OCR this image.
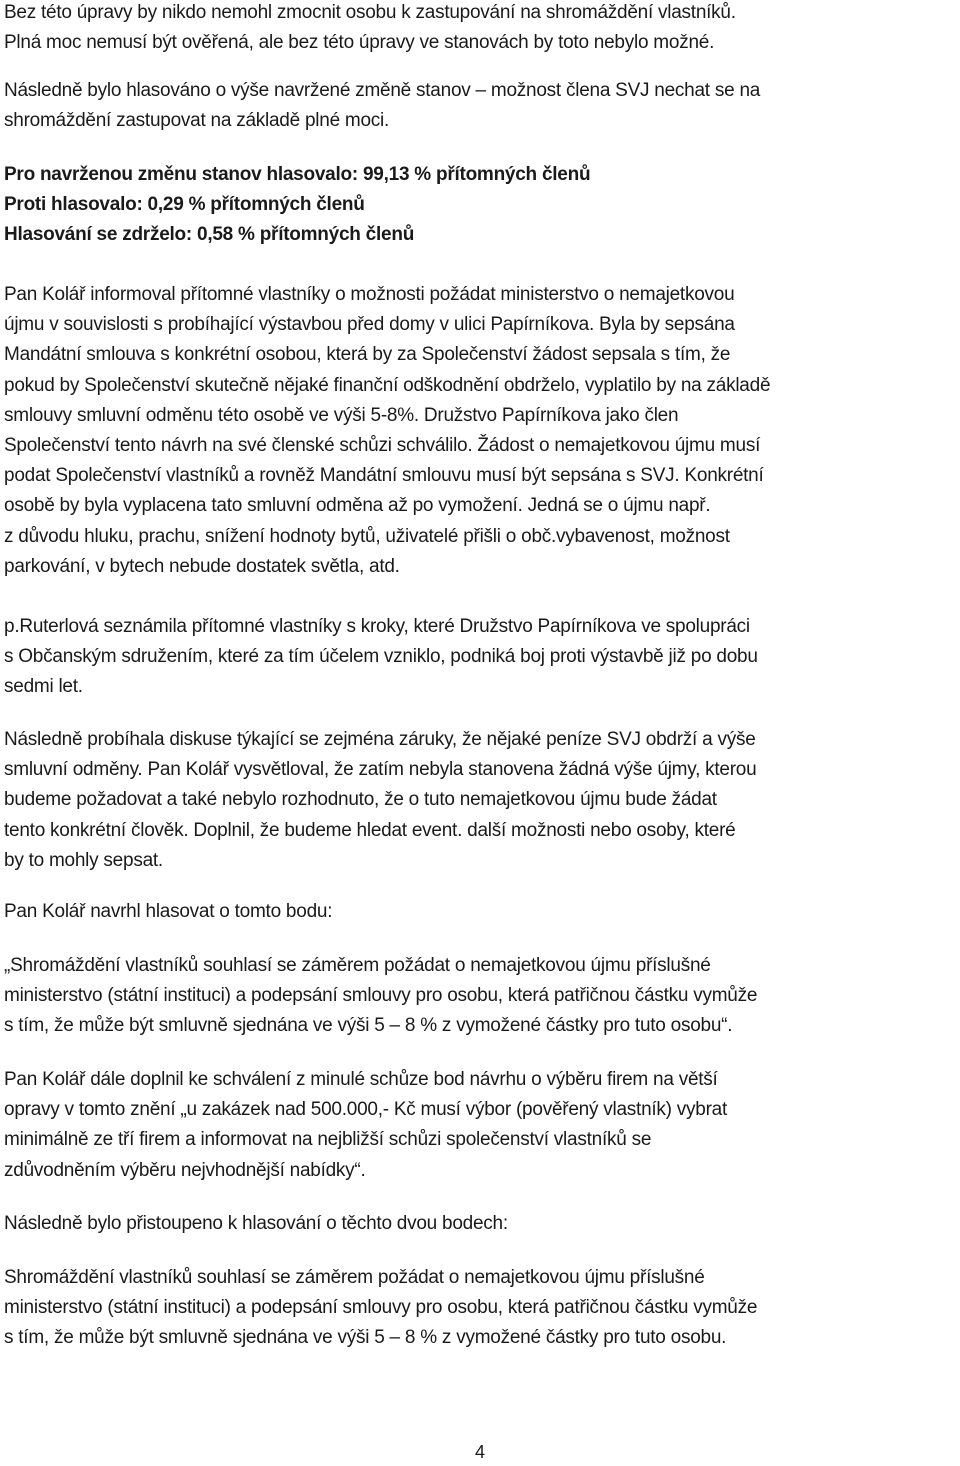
Bez této úpravy by nikdo nemohl zmocnit osobu k zastupování na shromáždění vlastníků.
Plná moc nemusí být ověřená, ale bez této úpravy ve stanovách by toto nebylo možné.

Následně bylo hlasováno o výše navržené změně stanov – možnost člena SVJ nechat se na
shromáždění zastupovat na základě plné moci.

Pro navrženou změnu stanov hlasovalo: 99,13 % přítomných členů
Proti hlasovalo: 0,29 % přítomných členů
Hlasování se zdrželo: 0,58 % přítomných členů

Pan Kolář informoval přítomné vlastníky o možnosti požádat ministerstvo o nemajetkovou
újmu v souvislosti s probíhající výstavbou před domy v ulici Papírníkova. Byla by sepsána
Mandátní smlouva s konkrétní osobou, která by za Společenství žádost sepsala s tím, že
pokud by Společenství skutečně nějaké finanční odškodnění obdrželo, vyplatilo by na základě
smlouvy smluvní odměnu této osobě ve výši 5-8%. Družstvo Papírníkova jako člen
Společenství tento návrh na své členské schůzi schválilo. Žádost o nemajetkovou újmu musí
podat Společenství vlastníků a rovněž Mandátní smlouvu musí být sepsána s SVJ. Konkrétní
osobě by byla vyplacena tato smluvní odměna až po vymožení. Jedná se o újmu např.
z důvodu hluku, prachu, snížení hodnoty bytů, uživatelé přišli o obč.vybavenost, možnost
parkování, v bytech nebude dostatek světla, atd.

p.Ruterlová seznámila přítomné vlastníky s kroky, které Družstvo Papírníkova ve spolupráci
s Občanským sdružením, které za tím účelem vzniklo, podniká boj proti výstavbě již po dobu
sedmi let.

Následně probíhala diskuse týkající se zejména záruky, že nějaké peníze SVJ obdrží a výše
smluvní odměny. Pan Kolář vysvětloval, že zatím nebyla stanovena žádná výše újmy, kterou
budeme požadovat a také nebylo rozhodnuto, že o tuto nemajetkovou újmu bude žádat
tento konkrétní člověk. Doplnil, že budeme hledat event. další možnosti nebo osoby, které
by to mohly sepsat.

Pan Kolář navrhl hlasovat o tomto bodu:

„Shromáždění vlastníků souhlasí se záměrem požádat o nemajetkovou újmu příslušné
ministerstvo (státní instituci) a podepsání smlouvy pro osobu, která patřičnou částku vymůže
s tím, že může být smluvně sjednána ve výši 5 – 8 % z vymožené částky pro tuto osobu“.

Pan Kolář dále doplnil ke schválení z minulé schůze bod návrhu o výběru firem na větší
opravy v tomto znění „u zakázek nad 500.000,- Kč musí výbor (pověřený vlastník) vybrat
minimálně ze tří firem a informovat na nejbližší schůzi společenství vlastníků se
zdůvodněním výběru nejvhodnější nabídky“.

Následně bylo přistoupeno k hlasování o těchto dvou bodech:

Shromáždění vlastníků souhlasí se záměrem požádat o nemajetkovou újmu příslušné
ministerstvo (státní instituci) a podepsání smlouvy pro osobu, která patřičnou částku vymůže
s tím, že může být smluvně sjednána ve výši 5 – 8 % z vymožené částky pro tuto osobu.

4
